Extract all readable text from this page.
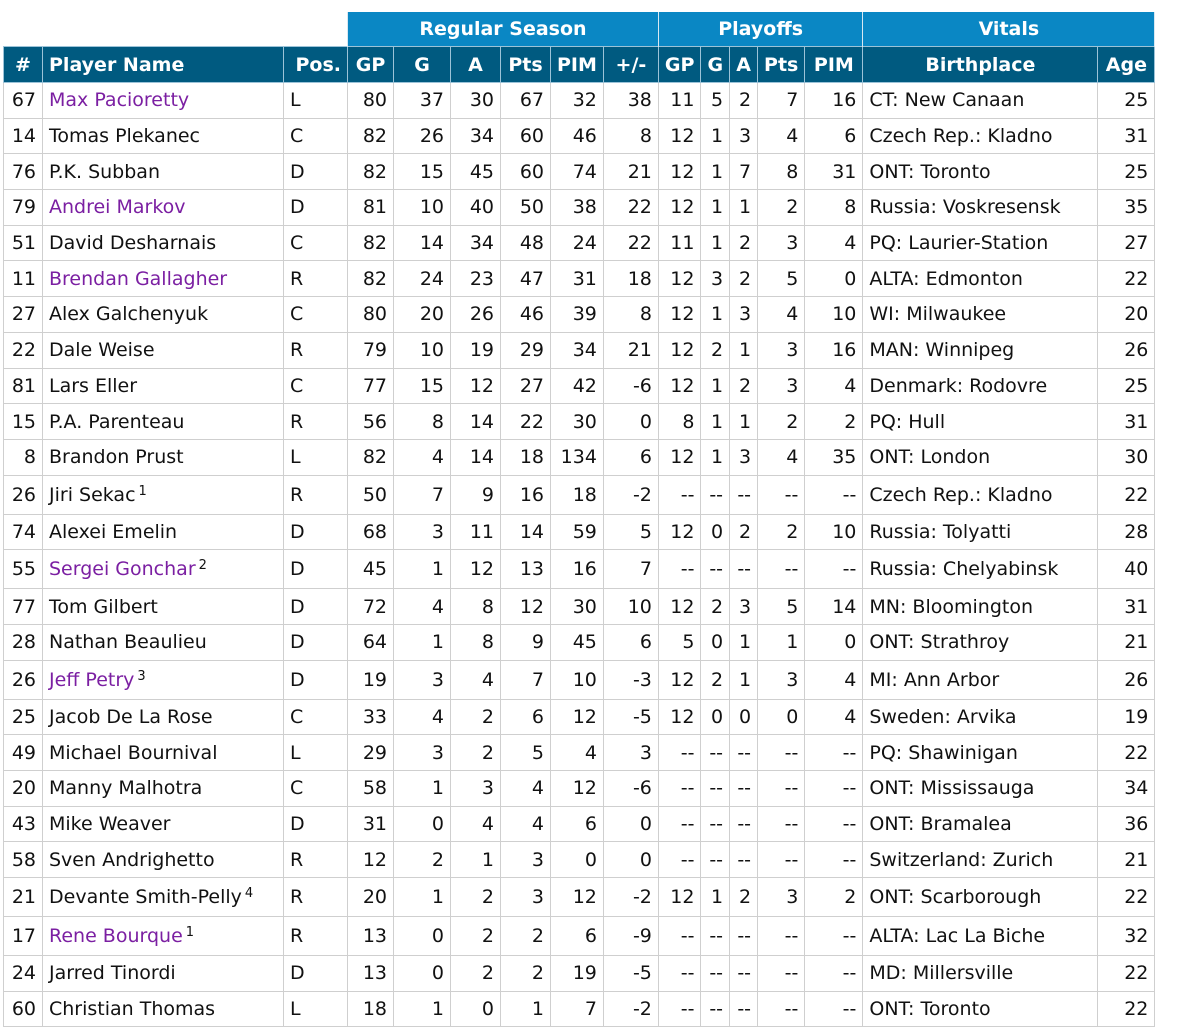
			Regular Season						Playoffs					Vitals	
#	Player Name	Pos.	GP	G	A	Pts	PIM	+/-	GP	G	A	Pts	PIM	Birthplace	Age
67	Max Pacioretty	L	80	37	30	67	32	38	11	5	2	7	16	CT: New Canaan	25
14	Tomas Plekanec	C	82	26	34	60	46	8	12	1	3	4	6	Czech Rep.: Kladno	31
76	P.K. Subban	D	82	15	45	60	74	21	12	1	7	8	31	ONT: Toronto	25
79	Andrei Markov	D	81	10	40	50	38	22	12	1	1	2	8	Russia: Voskresensk	35
51	David Desharnais	C	82	14	34	48	24	22	11	1	2	3	4	PQ: Laurier-Station	27
11	Brendan Gallagher	R	82	24	23	47	31	18	12	3	2	5	0	ALTA: Edmonton	22
27	Alex Galchenyuk	C	80	20	26	46	39	8	12	1	3	4	10	WI: Milwaukee	20
22	Dale Weise	R	79	10	19	29	34	21	12	2	1	3	16	MAN: Winnipeg	26
81	Lars Eller	C	77	15	12	27	42	-6	12	1	2	3	4	Denmark: Rodovre	25
15	P.A. Parenteau	R	56	8	14	22	30	0	8	1	1	2	2	PQ: Hull	31
8	Brandon Prust	L	82	4	14	18	134	6	12	1	3	4	35	ONT: London	30
26	Jiri Sekac $^1$	R	50	7	9	16	18	-2	--	--	--	--	--	Czech Rep.: Kladno	22
74	Alexei Emelin	D	68	3	11	14	59	5	12	0	2	2	10	Russia: Tolyatti	28
55	Sergei Gonchar $^2$	D	45	1	12	13	16	7	--	--	--	--	--	Russia: Chelyabinsk	40
77	Tom Gilbert	D	72	4	8	12	30	10	12	2	3	5	14	MN: Bloomington	31
28	Nathan Beaulieu	D	64	1	8	9	45	6	5	0	1	1	0	ONT: Strathroy	21
26	Jeff Petry $^3$	D	19	3	4	7	10	-3	12	2	1	3	4	MI: Ann Arbor	26
25	Jacob De La Rose	C	33	4	2	6	12	-5	12	0	0	0	4	Sweden: Arvika	19
49	Michael Bournival	L	29	3	2	5	4	3	--	--	--	--	--	PQ: Shawinigan	22
20	Manny Malhotra	C	58	1	3	4	12	-6	--	--	--	--	--	ONT: Mississauga	34
43	Mike Weaver	D	31	0	4	4	6	0	--	--	--	--	--	ONT: Bramalea	36
58	Sven Andrighetto	R	12	2	1	3	0	0	--	--	--	--	--	Switzerland: Zurich	21
21	Devante Smith-Pelly $^4$	R	20	1	2	3	12	-2	12	1	2	3	2	ONT: Scarborough	22
17	Rene Bourque $^1$	R	13	0	2	2	6	-9	--	--	--	--	--	ALTA: Lac La Biche	32
24	Jarred Tinordi	D	13	0	2	2	19	-5	--	--	--	--	--	MD: Millersville	22
60	Christian Thomas	L	18	1	0	1	7	-2	--	--	--	--	--	ONT: Toronto	22
